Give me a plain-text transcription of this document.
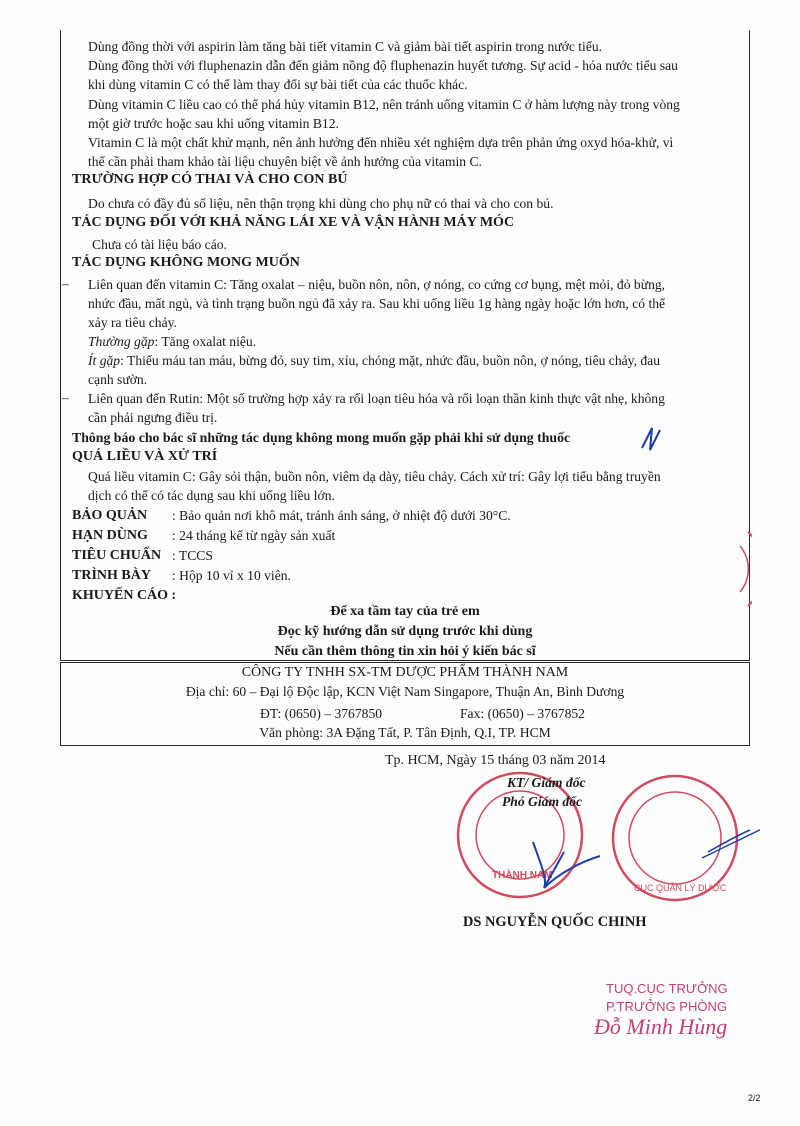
Dùng đồng thời với aspirin làm tăng bài tiết vitamin C và giảm bài tiết aspirin trong nước tiểu.
Dùng đồng thời với fluphenazin dẫn đến giảm nồng độ fluphenazin huyết tương. Sự acid - hóa nước tiểu sau
khi dùng vitamin C có thể làm thay đổi sự bài tiết của các thuốc khác.
Dùng vitamin C liều cao có thể phá hủy vitamin B12, nên tránh uống vitamin C ở hàm lượng này trong vòng
một giờ trước hoặc sau khi uống vitamin B12.
Vitamin C là một chất khử mạnh, nên ảnh hưởng đến nhiều xét nghiệm dựa trên phản ứng oxyd hóa-khử, vì
thế cần phải tham khảo tài liệu chuyên biệt về ảnh hưởng của vitamin C.
TRƯỜNG HỢP CÓ THAI VÀ CHO CON BÚ
Do chưa có đầy đủ số liệu, nên thận trọng khi dùng cho phụ nữ có thai và cho con bú.
TÁC DỤNG ĐỐI VỚI KHẢ NĂNG LÁI XE VÀ VẬN HÀNH MÁY MÓC
Chưa có tài liệu báo cáo.
TÁC DỤNG KHÔNG MONG MUỐN
– Liên quan đến vitamin C: Tăng oxalat – niệu, buồn nôn, nôn, ợ nóng, co cứng cơ bụng, mệt mỏi, đỏ bừng,
nhức đầu, mất ngủ, và tình trạng buồn ngủ đã xảy ra. Sau khi uống liều 1g hàng ngày hoặc lớn hơn, có thể
xảy ra tiêu chảy.
Thường gặp: Tăng oxalat niệu.
Ít gặp: Thiếu máu tan máu, bừng đỏ, suy tim, xỉu, chóng mặt, nhức đầu, buồn nôn, ợ nóng, tiêu chảy, đau
cạnh sườn.
– Liên quan đến Rutin: Một số trường hợp xảy ra rối loạn tiêu hóa và rối loạn thần kinh thực vật nhẹ, không
cần phải ngưng điều trị.
Thông báo cho bác sĩ những tác dụng không mong muốn gặp phải khi sử dụng thuốc
QUÁ LIỀU VÀ XỬ TRÍ
Quá liều vitamin C: Gây sỏi thận, buồn nôn, viêm dạ dày, tiêu chảy. Cách xử trí: Gây lợi tiểu bằng truyền
dịch có thể có tác dụng sau khi uống liều lớn.
BẢO QUẢN : Bảo quản nơi khô mát, tránh ánh sáng, ở nhiệt độ dưới 30°C.
HẠN DÙNG : 24 tháng kể từ ngày sản xuất
TIÊU CHUẨN : TCCS
TRÌNH BÀY : Hộp 10 vỉ x 10 viên.
KHUYẾN CÁO :
Để xa tầm tay của trẻ em
Đọc kỹ hướng dẫn sử dụng trước khi dùng
Nếu cần thêm thông tin xin hỏi ý kiến bác sĩ
CÔNG TY TNHH SX-TM DƯỢC PHẨM THÀNH NAM
Địa chỉ: 60 – Đại lộ Độc lập, KCN Việt Nam Singapore, Thuận An, Bình Dương
ĐT: (0650) – 3767850	Fax: (0650) – 3767852
Văn phòng: 3A Đặng Tất, P. Tân Định, Q.I, TP. HCM
Tp. HCM, Ngày 15 tháng 03 năm 2014
THÀNH NAM
CỤC QUẢN LÝ DƯỢC
KT/ Giám đốc
Phó Giám đốc
DS NGUYỄN QUỐC CHINH
TUQ.CỤC TRƯỞNG
P.TRƯỞNG PHÒNG
Đỗ Minh Hùng
2/2
